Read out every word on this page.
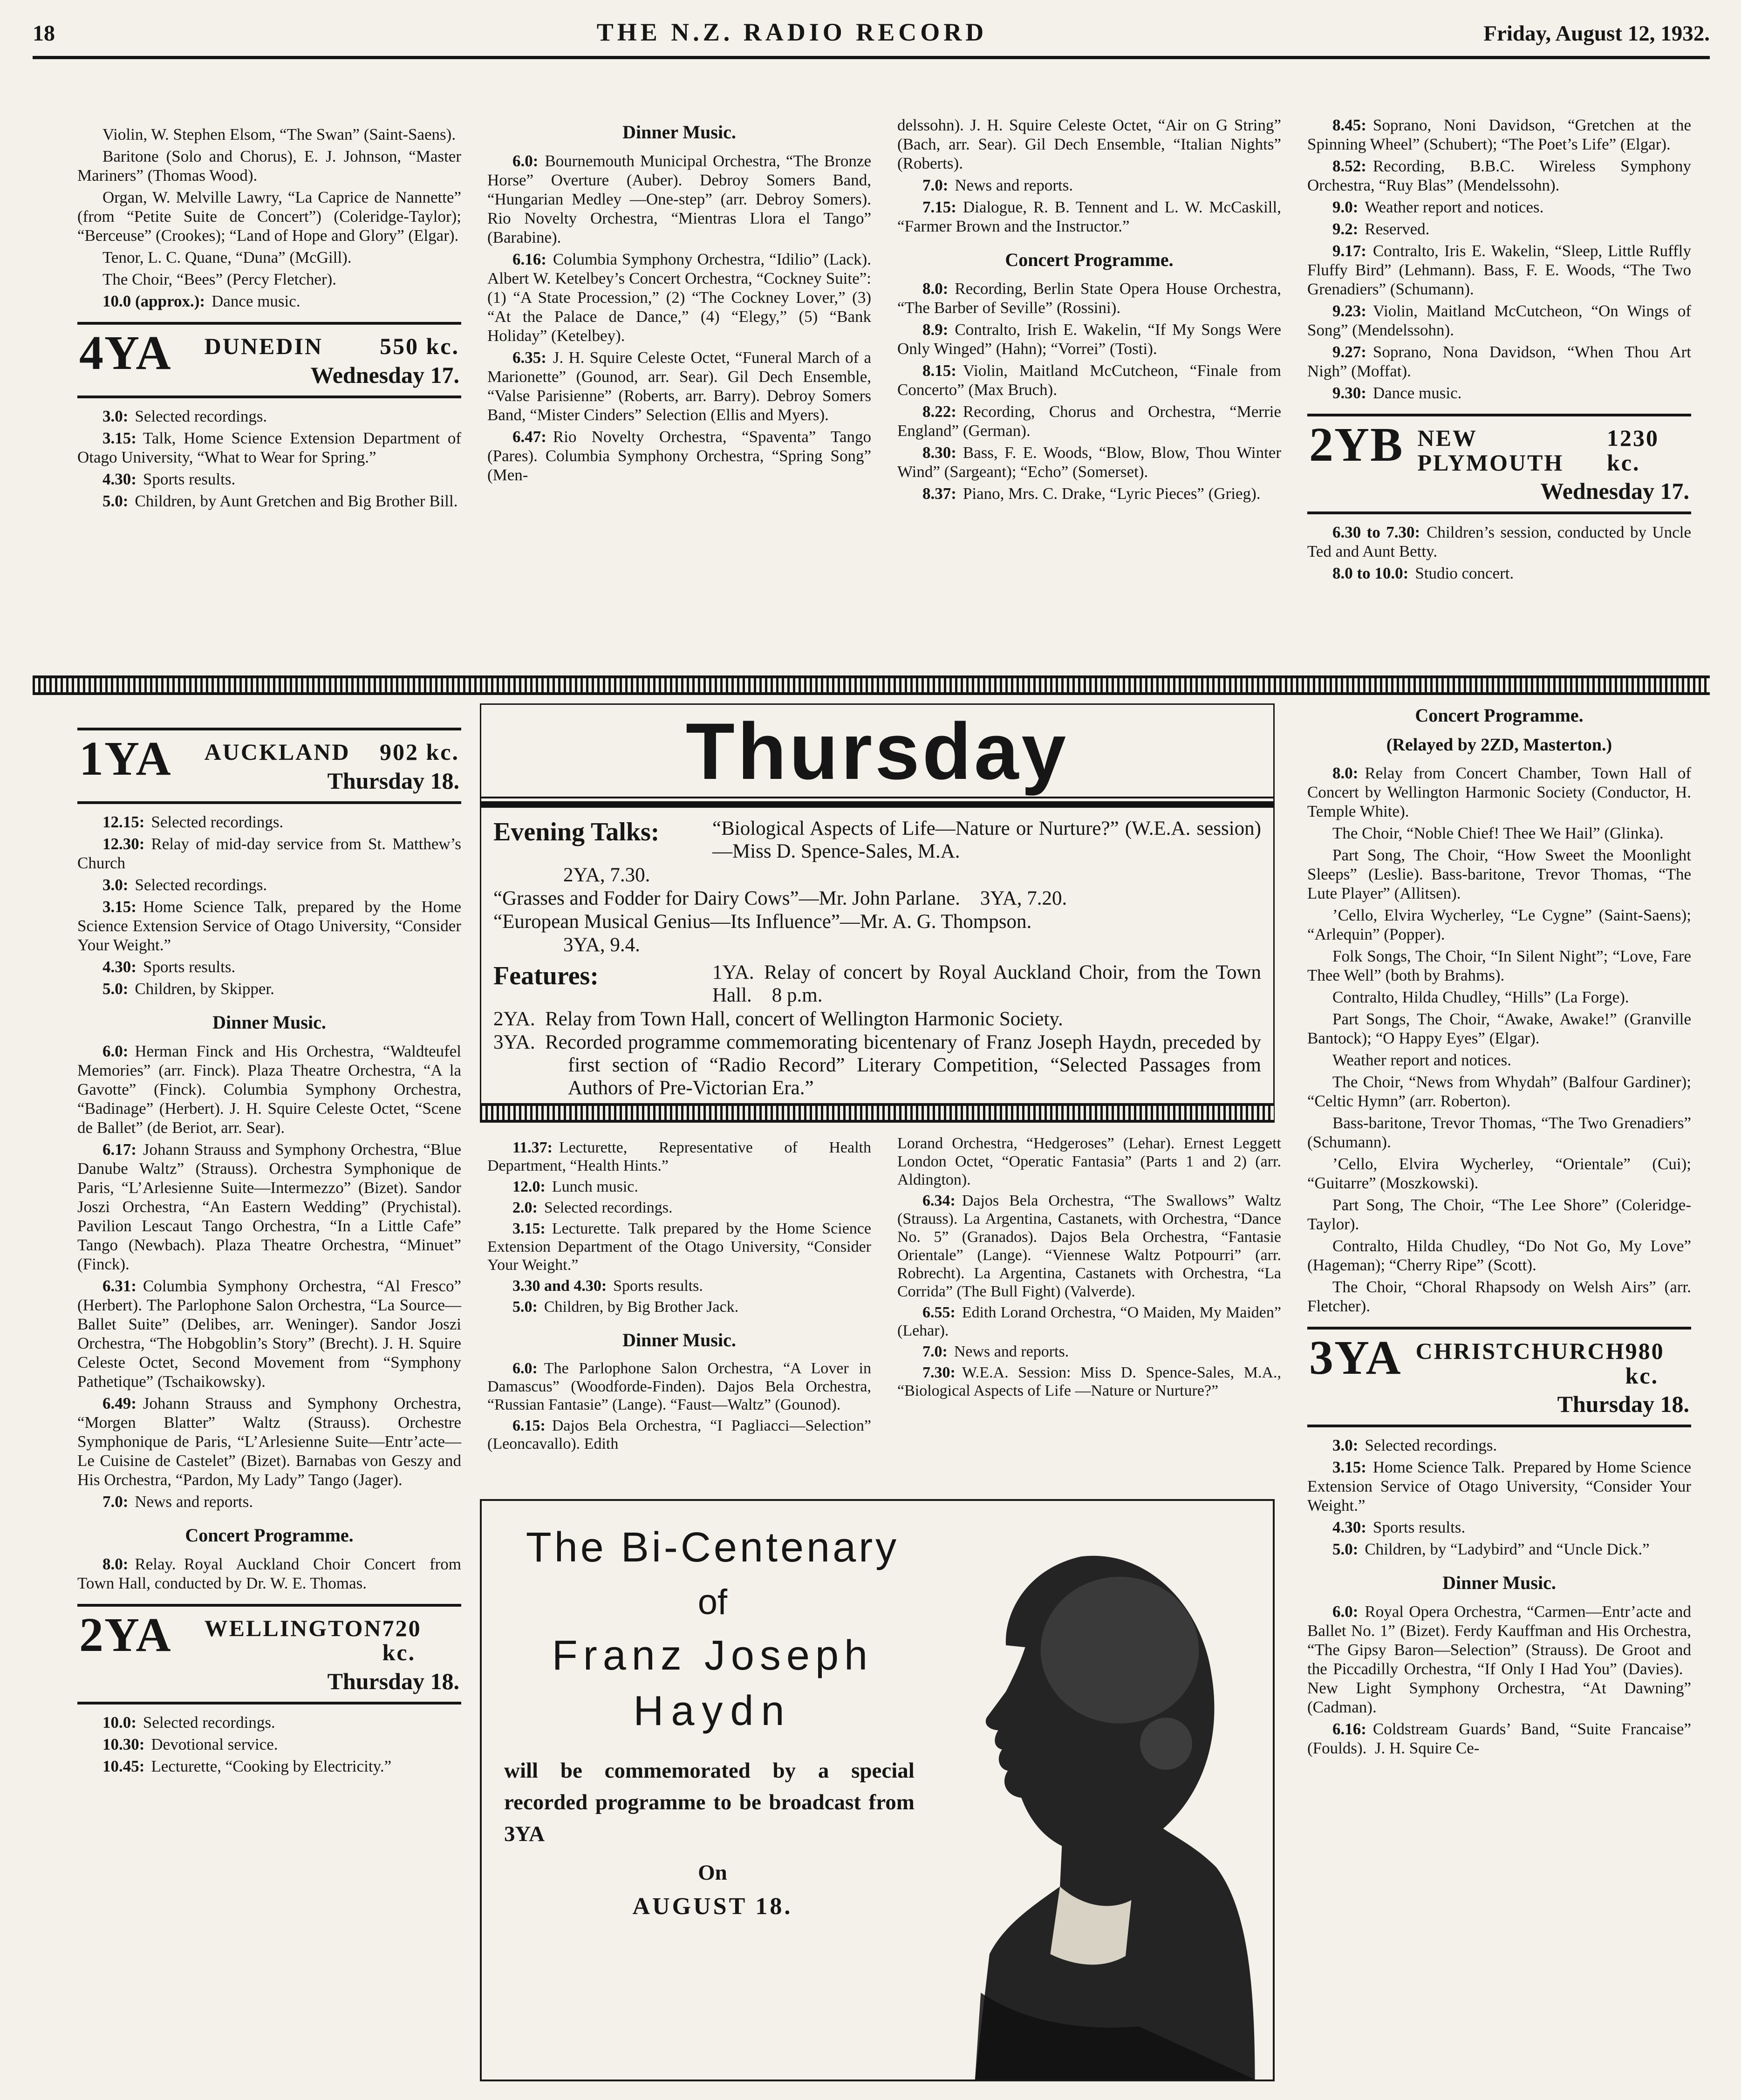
18	THE N.Z. RADIO RECORD	Friday, August 12, 1932.

Violin, W. Stephen Elsom, “The Swan” (Saint-Saens).

Baritone (Solo and Chorus), E. J. Johnson, “Master Mariners” (Thomas Wood).

Organ, W. Melville Lawry, “La Caprice de Nannette” (from “Petite Suite de Concert”) (Coleridge-Taylor); “Berceuse” (Crookes); “Land of Hope and Glory” (Elgar).

Tenor, L. C. Quane, “Duna” (McGill).

The Choir, “Bees” (Percy Fletcher).

10.0 (approx.): Dance music.

4YA DUNEDIN 550 kc.
Wednesday 17.

3.0: Selected recordings.

3.15: Talk, Home Science Extension Department of Otago University, “What to Wear for Spring.”

4.30: Sports results.

5.0: Children, by Aunt Gretchen and Big Brother Bill.

1YA AUCKLAND 902 kc.
Thursday 18.

12.15: Selected recordings.

12.30: Relay of mid-day service from St. Matthew’s Church

3.0: Selected recordings.

3.15: Home Science Talk, prepared by the Home Science Extension Service of Otago University, “Consider Your Weight.”

4.30: Sports results.

5.0: Children, by Skipper.

Dinner Music.

6.0: Herman Finck and His Orchestra, “Waldteufel Memories” (arr. Finck). Plaza Theatre Orchestra, “A la Gavotte” (Finck). Columbia Symphony Orchestra, “Badinage” (Herbert). J. H. Squire Celeste Octet, “Scene de Ballet” (de Beriot, arr. Sear).

6.17: Johann Strauss and Symphony Orchestra, “Blue Danube Waltz” (Strauss). Orchestra Symphonique de Paris, “L’Arlesienne Suite—Intermezzo” (Bizet). Sandor Joszi Orchestra, “An Eastern Wedding” (Prychistal). Pavilion Lescaut Tango Orchestra, “In a Little Cafe” Tango (Newbach). Plaza Theatre Orchestra, “Minuet” (Finck).

6.31: Columbia Symphony Orchestra, “Al Fresco” (Herbert). The Parlophone Salon Orchestra, “La Source—Ballet Suite” (Delibes, arr. Weninger). Sandor Joszi Orchestra, “The Hobgoblin’s Story” (Brecht). J. H. Squire Celeste Octet, Second Movement from “Symphony Pathetique” (Tschaikowsky).

6.49: Johann Strauss and Symphony Orchestra, “Morgen Blatter” Waltz (Strauss). Orchestre Symphonique de Paris, “L’Arlesienne Suite—Entr’acte—Le Cuisine de Castelet” (Bizet). Barnabas von Geszy and His Orchestra, “Pardon, My Lady” Tango (Jager).

7.0: News and reports.

Concert Programme.

8.0: Relay. Royal Auckland Choir Concert from Town Hall, conducted by Dr. W. E. Thomas.

2YA WELLINGTON 720 kc.
Thursday 18.

10.0: Selected recordings.

10.30: Devotional service.

10.45: Lecturette, “Cooking by Electricity.”

Dinner Music.

6.0: Bournemouth Municipal Orchestra, “The Bronze Horse” Overture (Auber). Debroy Somers Band, “Hungarian Medley —One-step” (arr. Debroy Somers). Rio Novelty Orchestra, “Mientras Llora el Tango” (Barabine).

6.16: Columbia Symphony Orchestra, “Idilio” (Lack). Albert W. Ketelbey’s Concert Orchestra, “Cockney Suite”: (1) “A State Procession,” (2) “The Cockney Lover,” (3) “At the Palace de Dance,” (4) “Elegy,” (5) “Bank Holiday” (Ketelbey).

6.35: J. H. Squire Celeste Octet, “Funeral March of a Marionette” (Gounod, arr. Sear). Gil Dech Ensemble, “Valse Parisienne” (Roberts, arr. Barry). Debroy Somers Band, “Mister Cinders” Selection (Ellis and Myers).

6.47: Rio Novelty Orchestra, “Spaventa” Tango (Pares). Columbia Symphony Orchestra, “Spring Song” (Men-

delssohn). J. H. Squire Celeste Octet, “Air on G String” (Bach, arr. Sear). Gil Dech Ensemble, “Italian Nights” (Roberts).

7.0: News and reports.

7.15: Dialogue, R. B. Tennent and L. W. McCaskill, “Farmer Brown and the Instructor.”

Concert Programme.

8.0: Recording, Berlin State Opera House Orchestra, “The Barber of Seville” (Rossini).

8.9: Contralto, Irish E. Wakelin, “If My Songs Were Only Winged” (Hahn); “Vorrei” (Tosti).

8.15: Violin, Maitland McCutcheon, “Finale from Concerto” (Max Bruch).

8.22: Recording, Chorus and Orchestra, “Merrie England” (German).

8.30: Bass, F. E. Woods, “Blow, Blow, Thou Winter Wind” (Sargeant); “Echo” (Somerset).

8.37: Piano, Mrs. C. Drake, “Lyric Pieces” (Grieg).

8.45: Soprano, Noni Davidson, “Gretchen at the Spinning Wheel” (Schubert); “The Poet’s Life” (Elgar).

8.52: Recording, B.B.C. Wireless Symphony Orchestra, “Ruy Blas” (Mendelssohn).

9.0: Weather report and notices.

9.2: Reserved.

9.17: Contralto, Iris E. Wakelin, “Sleep, Little Ruffly Fluffy Bird” (Lehmann). Bass, F. E. Woods, “The Two Grenadiers” (Schumann).

9.23: Violin, Maitland McCutcheon, “On Wings of Song” (Mendelssohn).

9.27: Soprano, Nona Davidson, “When Thou Art Nigh” (Moffat).

9.30: Dance music.

2YB NEW PLYMOUTH
1230 kc.
Wednesday 17.

6.30 to 7.30: Children’s session, conducted by Uncle Ted and Aunt Betty.

8.0 to 10.0: Studio concert.

Thursday
Evening Talks:	“Biological Aspects of Life—Nature or Nurture?” (W.E.A. session)—Miss D. Spence-Sales, M.A.
2YA, 7.30.
“Grasses and Fodder for Dairy Cows”—Mr. John Parlane. 3YA, 7.20.
“European Musical Genius—Its Influence”—Mr. A. G. Thompson.
3YA, 9.4.
Features:	1YA. Relay of concert by Royal Auckland Choir, from the Town Hall. 8 p.m.
2YA. Relay from Town Hall, concert of Wellington Harmonic Society.
3YA. Recorded programme commemorating bicentenary of Franz Joseph Haydn, preceded by first section of “Radio Record” Literary Competition, “Selected Passages from Authors of Pre-Victorian Era.”

11.37: Lecturette, Representative of Health Department, “Health Hints.”

12.0: Lunch music.

2.0: Selected recordings.

3.15: Lecturette. Talk prepared by the Home Science Extension Department of the Otago University, “Consider Your Weight.”

3.30 and 4.30: Sports results.

5.0: Children, by Big Brother Jack.

Dinner Music.

6.0: The Parlophone Salon Orchestra, “A Lover in Damascus” (Woodforde-Finden). Dajos Bela Orchestra, “Russian Fantasie” (Lange). “Faust—Waltz” (Gounod).

6.15: Dajos Bela Orchestra, “I Pagliacci—Selection” (Leoncavallo). Edith

Lorand Orchestra, “Hedgeroses” (Lehar). Ernest Leggett London Octet, “Operatic Fantasia” (Parts 1 and 2) (arr. Aldington).

6.34: Dajos Bela Orchestra, “The Swallows” Waltz (Strauss). La Argentina, Castanets, with Orchestra, “Dance No. 5” (Granados). Dajos Bela Orchestra, “Fantasie Orientale” (Lange). “Viennese Waltz Potpourri” (arr. Robrecht). La Argentina, Castanets with Orchestra, “La Corrida” (The Bull Fight) (Valverde).

6.55: Edith Lorand Orchestra, “O Maiden, My Maiden” (Lehar).

7.0: News and reports.

7.30: W.E.A. Session: Miss D. Spence-Sales, M.A., “Biological Aspects of Life —Nature or Nurture?”

Concert Programme.
(Relayed by 2ZD, Masterton.)

8.0: Relay from Concert Chamber, Town Hall of Concert by Wellington Harmonic Society (Conductor, H. Temple White).

The Choir, “Noble Chief! Thee We Hail” (Glinka).

Part Song, The Choir, “How Sweet the Moonlight Sleeps” (Leslie). Bass-baritone, Trevor Thomas, “The Lute Player” (Allitsen).

’Cello, Elvira Wycherley, “Le Cygne” (Saint-Saens); “Arlequin” (Popper).

Folk Songs, The Choir, “In Silent Night”; “Love, Fare Thee Well” (both by Brahms).

Contralto, Hilda Chudley, “Hills” (La Forge).

Part Songs, The Choir, “Awake, Awake!” (Granville Bantock); “O Happy Eyes” (Elgar).

Weather report and notices.

The Choir, “News from Whydah” (Balfour Gardiner); “Celtic Hymn” (arr. Roberton).

Bass-baritone, Trevor Thomas, “The Two Grenadiers” (Schumann).

’Cello, Elvira Wycherley, “Orientale” (Cui); “Guitarre” (Moszkowski).

Part Song, The Choir, “The Lee Shore” (Coleridge-Taylor).

Contralto, Hilda Chudley, “Do Not Go, My Love” (Hageman); “Cherry Ripe” (Scott).

The Choir, “Choral Rhapsody on Welsh Airs” (arr. Fletcher).

3YA CHRISTCHURCH 980 kc.
Thursday 18.

3.0: Selected recordings.

3.15: Home Science Talk. Prepared by Home Science Extension Service of Otago University, “Consider Your Weight.”

4.30: Sports results.

5.0: Children, by “Ladybird” and “Uncle Dick.”

Dinner Music.

6.0: Royal Opera Orchestra, “Carmen—Entr’acte and Ballet No. 1” (Bizet). Ferdy Kauffman and His Orchestra, “The Gipsy Baron—Selection” (Strauss). De Groot and the Piccadilly Orchestra, “If Only I Had You” (Davies). New Light Symphony Orchestra, “At Dawning” (Cadman).

6.16: Coldstream Guards’ Band, “Suite Francaise” (Foulds). J. H. Squire Ce-

The Bi-Centenary
of
Franz Joseph
Haydn
will be commemorated by a special recorded programme to be broadcast from 3YA
On
AUGUST 18.
